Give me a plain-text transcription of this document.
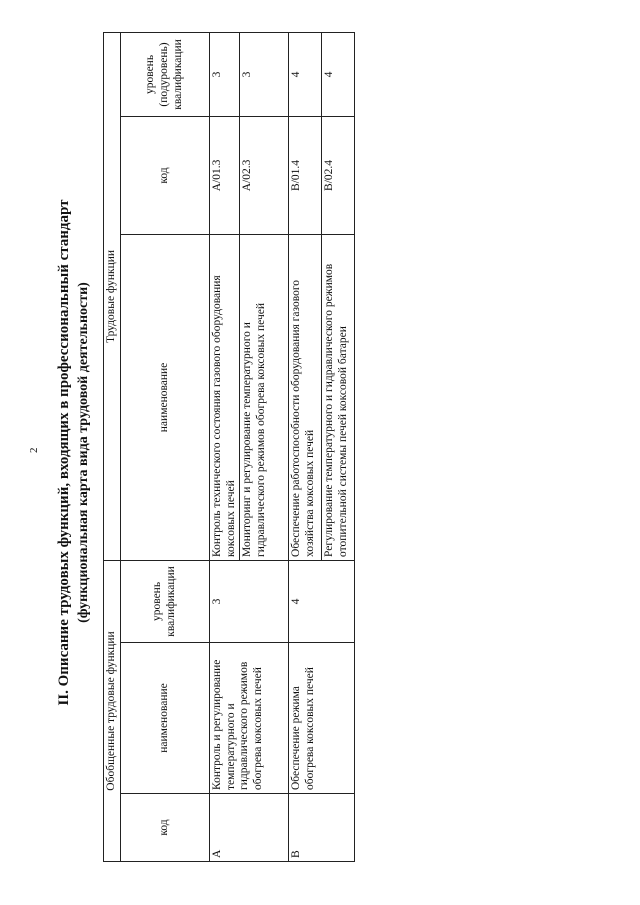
2 II. Описание трудовых функций, входящих в профессиональный стандарт (функциональная карта вида трудовой деятельности)
Обобщенные трудовые функции			Трудовые функции		
код	наименование	уровень квалификации	наименование	код	уровень (подуровень) квалификации
A	Контроль и регулирование температурного и гидравлического режимов обогрева коксовых печей	3	Контроль технического состояния газового оборудования коксовых печей	A/01.3	3
			Мониторинг и регулирование температурного и гидравлического режимов обогрева коксовых печей	A/02.3	3
B	Обеспечение режима обогрева коксовых печей	4	Обеспечение работоспособности оборудования газового хозяйства коксовых печей	B/01.4	4
			Регулирование температурного и гидравлического режимов отопительной системы печей коксовой батареи	B/02.4	4
